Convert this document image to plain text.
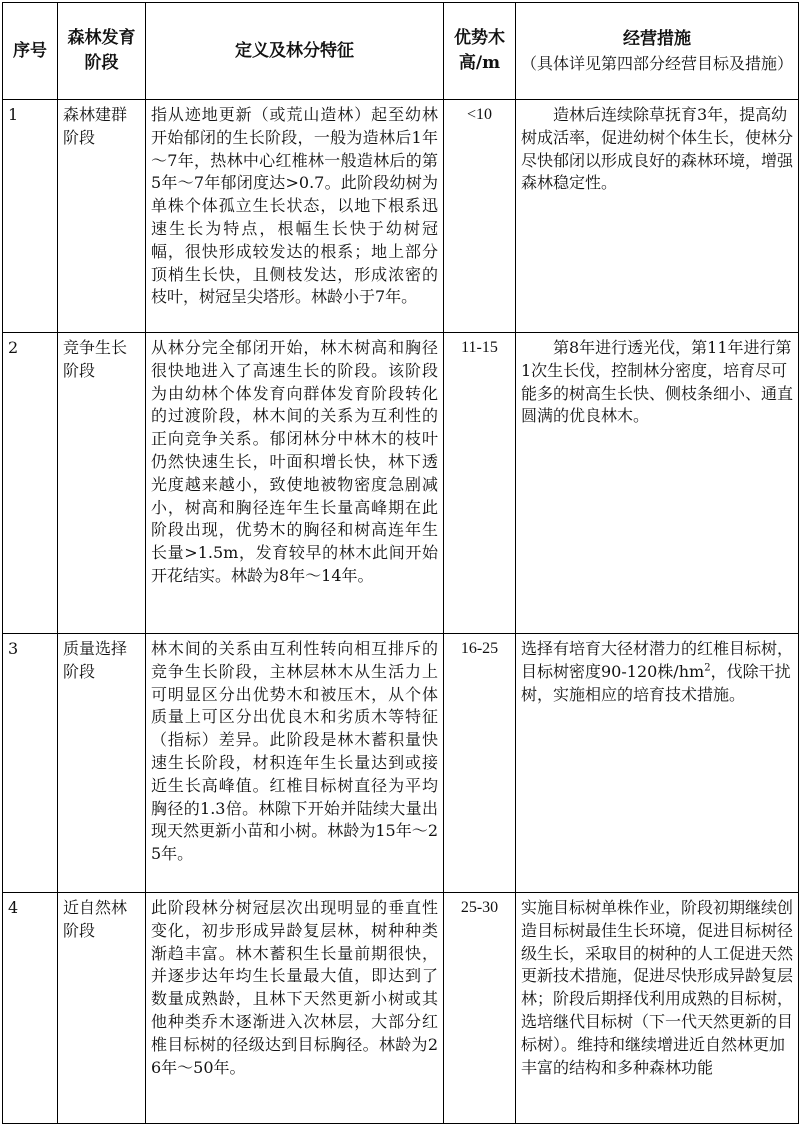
序号	森林发育阶段	定义及林分特征	优势木高/m	经营措施
（具体详见第四部分经营目标及措施）

1	森林建群阶段	指从迹地更新（或荒山造林）起至幼林开始郁闭的生长阶段，一般为造林后1年～7年，热林中心红椎林一般造林后的第5年～7年郁闭度达>0.7。此阶段幼树为单株个体孤立生长状态，以地下根系迅速生长为特点，根幅生长快于幼树冠幅，很快形成较发达的根系；地上部分顶梢生长快，且侧枝发达，形成浓密的枝叶，树冠呈尖塔形。林龄小于7年。	<10	造林后连续除草抚育3年，提高幼树成活率，促进幼树个体生长，使林分尽快郁闭以形成良好的森林环境，增强森林稳定性。
2	竞争生长阶段	从林分完全郁闭开始，林木树高和胸径很快地进入了高速生长的阶段。该阶段为由幼林个体发育向群体发育阶段转化的过渡阶段，林木间的关系为互利性的正向竞争关系。郁闭林分中林木的枝叶仍然快速生长，叶面积增长快，林下透光度越来越小，致使地被物密度急剧减小，树高和胸径连年生长量高峰期在此阶段出现，优势木的胸径和树高连年生长量>1.5m，发育较早的林木此间开始开花结实。林龄为8年～14年。	11-15	第8年进行透光伐，第11年进行第1次生长伐，控制林分密度，培育尽可能多的树高生长快、侧枝条细小、通直圆满的优良林木。
3	质量选择阶段	林木间的关系由互利性转向相互排斥的竞争生长阶段，主林层林木从生活力上可明显区分出优势木和被压木，从个体质量上可区分出优良木和劣质木等特征（指标）差异。此阶段是林木蓄积量快速生长阶段，材积连年生长量达到或接近生长高峰值。红椎目标树直径为平均胸径的1.3倍。林隙下开始并陆续大量出现天然更新小苗和小树。林龄为15年～25年。	16-25	选择有培育大径材潜力的红椎目标树，目标树密度90-120株$/hm^2$，伐除干扰树，实施相应的培育技术措施。
4	近自然林阶段	此阶段林分树冠层次出现明显的垂直性变化，初步形成异龄复层林，树种种类渐趋丰富。林木蓄积生长量前期很快，并逐步达年均生长量最大值，即达到了数量成熟龄，且林下天然更新小树或其他种类乔木逐渐进入次林层，大部分红椎目标树的径级达到目标胸径。林龄为26年～50年。	25-30	实施目标树单株作业，阶段初期继续创造目标树最佳生长环境，促进目标树径级生长，采取目的树种的人工促进天然更新技术措施，促进尽快形成异龄复层林；阶段后期择伐利用成熟的目标树，选培继代目标树（下一代天然更新的目标树）。维持和继续增进近自然林更加丰富的结构和多种森林功能
